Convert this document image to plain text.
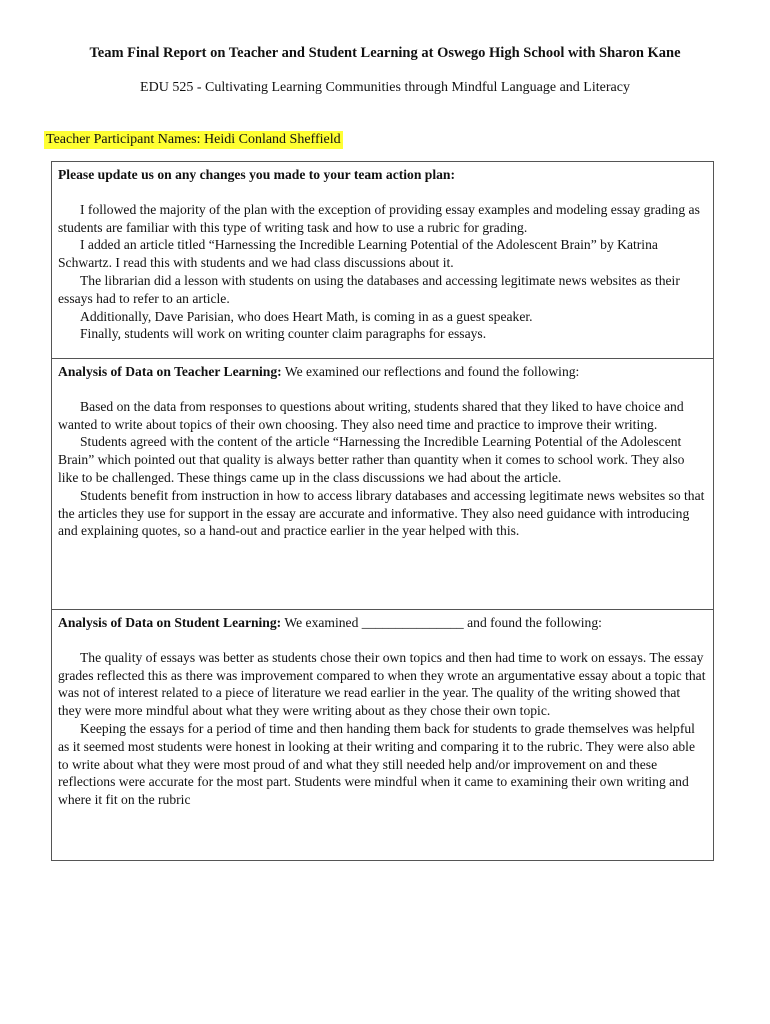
Team Final Report on Teacher and Student Learning at Oswego High School with Sharon Kane
EDU 525 - Cultivating Learning Communities through Mindful Language and Literacy
Teacher Participant Names: Heidi Conland Sheffield
Please update us on any changes you made to your team action plan:

I followed the majority of the plan with the exception of providing essay examples and modeling essay grading as students are familiar with this type of writing task and how to use a rubric for grading.

I added an article titled “Harnessing the Incredible Learning Potential of the Adolescent Brain” by Katrina Schwartz. I read this with students and we had class discussions about it.

The librarian did a lesson with students on using the databases and accessing legitimate news websites as their essays had to refer to an article.

Additionally, Dave Parisian, who does Heart Math, is coming in as a guest speaker.

Finally, students will work on writing counter claim paragraphs for essays.

Analysis of Data on Teacher Learning: We examined our reflections and found the following:

Based on the data from responses to questions about writing, students shared that they liked to have choice and wanted to write about topics of their own choosing. They also need time and practice to improve their writing.

Students agreed with the content of the article “Harnessing the Incredible Learning Potential of the Adolescent Brain” which pointed out that quality is always better rather than quantity when it comes to school work. They also like to be challenged. These things came up in the class discussions we had about the article.

Students benefit from instruction in how to access library databases and accessing legitimate news websites so that the articles they use for support in the essay are accurate and informative. They also need guidance with introducing and explaining quotes, so a hand-out and practice earlier in the year helped with this.

Analysis of Data on Student Learning: We examined _______________ and found the following:

The quality of essays was better as students chose their own topics and then had time to work on essays. The essay grades reflected this as there was improvement compared to when they wrote an argumentative essay about a topic that was not of interest related to a piece of literature we read earlier in the year. The quality of the writing showed that they were more mindful about what they were writing about as they chose their own topic.

Keeping the essays for a period of time and then handing them back for students to grade themselves was helpful as it seemed most students were honest in looking at their writing and comparing it to the rubric. They were also able to write about what they were most proud of and what they still needed help and/or improvement on and these reflections were accurate for the most part. Students were mindful when it came to examining their own writing and where it fit on the rubric
